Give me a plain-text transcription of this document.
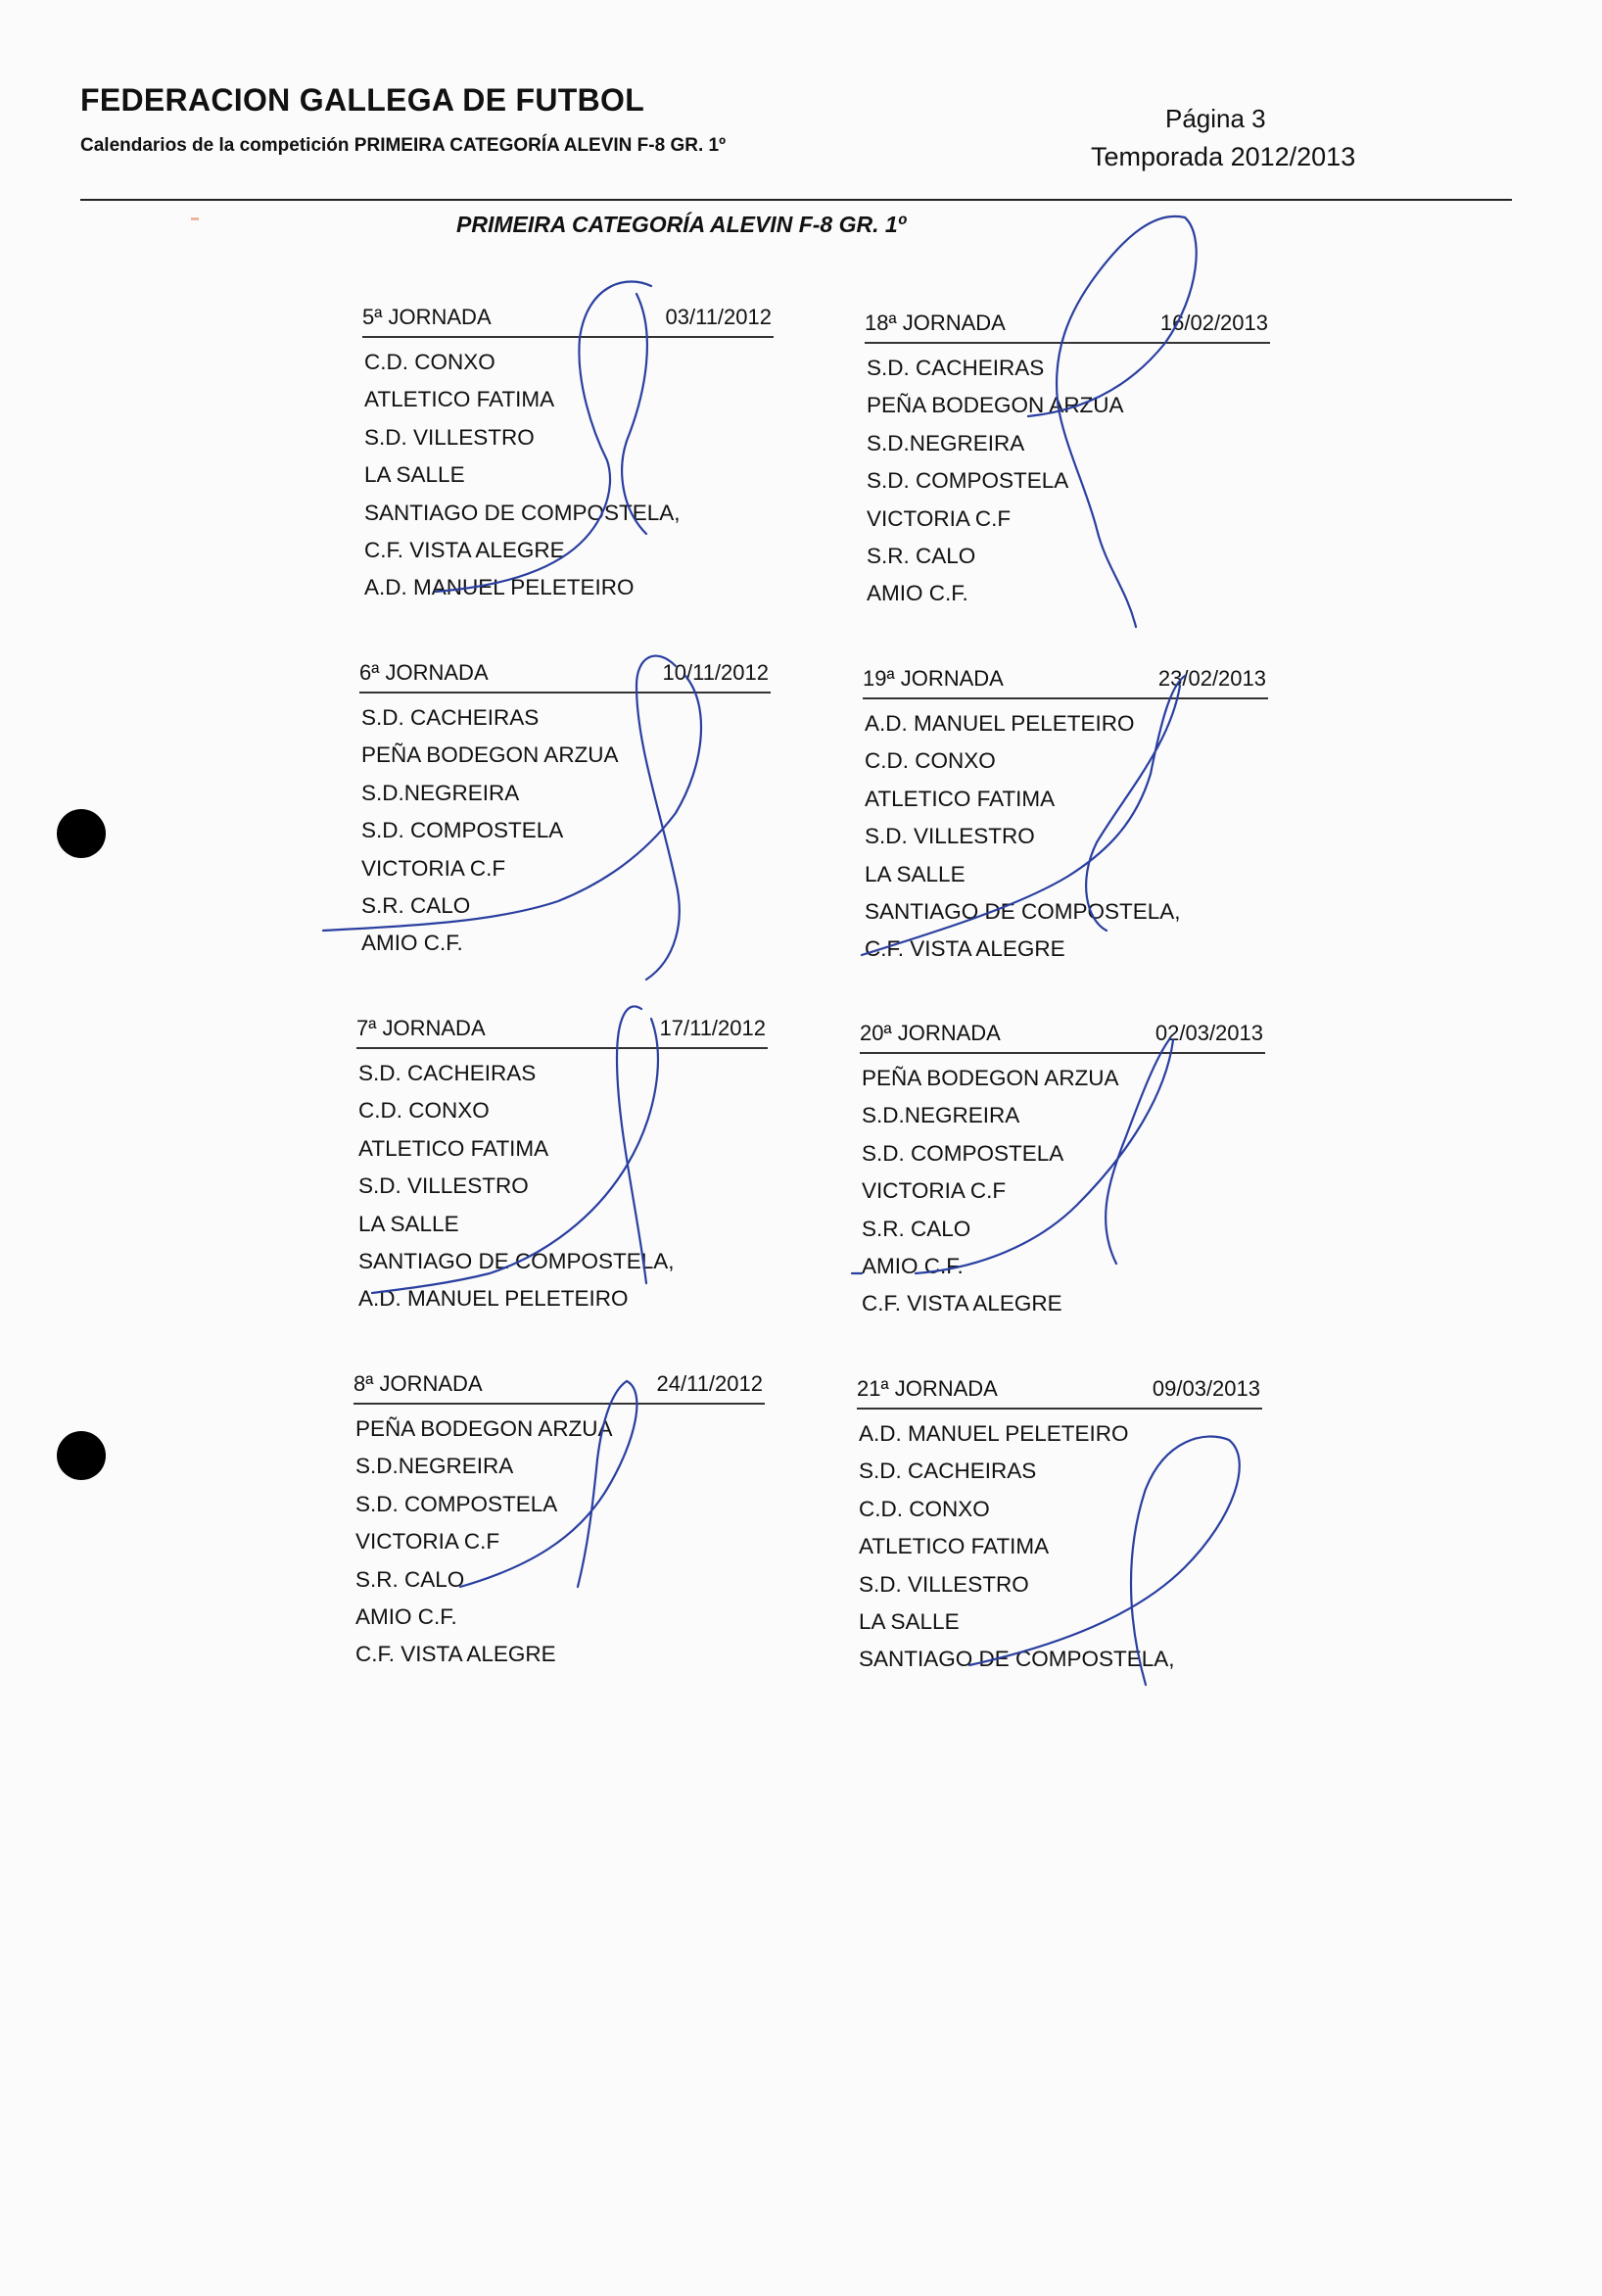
FEDERACION GALLEGA DE FUTBOL
Calendarios de la competición PRIMEIRA CATEGORÍA ALEVIN F-8 GR. 1º
Página 3
Temporada 2012/2013
PRIMEIRA CATEGORÍA ALEVIN F-8 GR. 1º
5ª JORNADA	03/11/2012
C.D. CONXO
ATLETICO FATIMA
S.D. VILLESTRO
LA SALLE
SANTIAGO DE COMPOSTELA,
C.F. VISTA ALEGRE
A.D. MANUEL PELETEIRO
18ª JORNADA	16/02/2013
S.D. CACHEIRAS
PEÑA BODEGON ARZUA
S.D.NEGREIRA
S.D. COMPOSTELA
VICTORIA C.F
S.R. CALO
AMIO C.F.
6ª JORNADA	10/11/2012
S.D. CACHEIRAS
PEÑA BODEGON ARZUA
S.D.NEGREIRA
S.D. COMPOSTELA
VICTORIA C.F
S.R. CALO
AMIO C.F.
19ª JORNADA	23/02/2013
A.D. MANUEL PELETEIRO
C.D. CONXO
ATLETICO FATIMA
S.D. VILLESTRO
LA SALLE
SANTIAGO DE COMPOSTELA,
C.F. VISTA ALEGRE
7ª JORNADA	17/11/2012
S.D. CACHEIRAS
C.D. CONXO
ATLETICO FATIMA
S.D. VILLESTRO
LA SALLE
SANTIAGO DE COMPOSTELA,
A.D. MANUEL PELETEIRO
20ª JORNADA	02/03/2013
PEÑA BODEGON ARZUA
S.D.NEGREIRA
S.D. COMPOSTELA
VICTORIA C.F
S.R. CALO
AMIO C.F.
C.F. VISTA ALEGRE
8ª JORNADA	24/11/2012
PEÑA BODEGON ARZUA
S.D.NEGREIRA
S.D. COMPOSTELA
VICTORIA C.F
S.R. CALO
AMIO C.F.
C.F. VISTA ALEGRE
21ª JORNADA	09/03/2013
A.D. MANUEL PELETEIRO
S.D. CACHEIRAS
C.D. CONXO
ATLETICO FATIMA
S.D. VILLESTRO
LA SALLE
SANTIAGO DE COMPOSTELA,
